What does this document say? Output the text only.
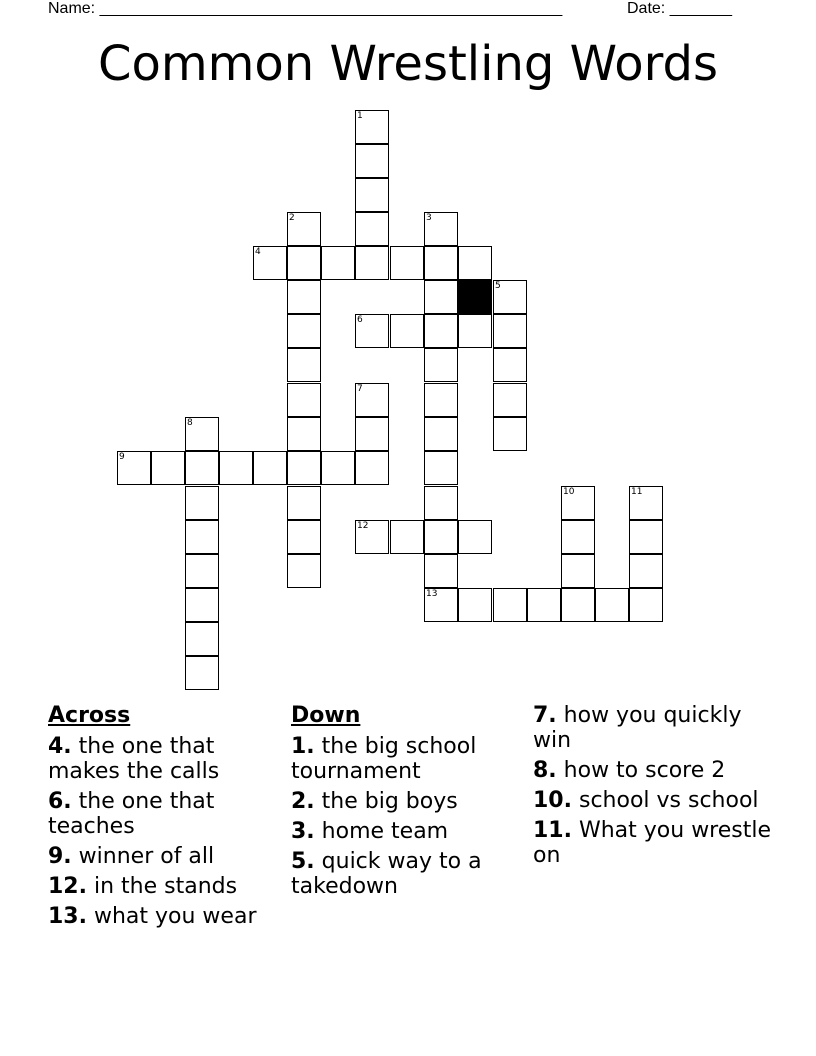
Name: ____________________________________________________	Date: _______
Common Wrestling Words
1
2	3
4
5
6
7
8
9
10	11
12
13
Across
4. the one that makes the calls
6. the one that teaches
9. winner of all
12. in the stands
13. what you wear
Down
1. the big school tournament
2. the big boys
3. home team
5. quick way to a takedown
7. how you quickly win
8. how to score 2
10. school vs school
11. What you wrestle on
